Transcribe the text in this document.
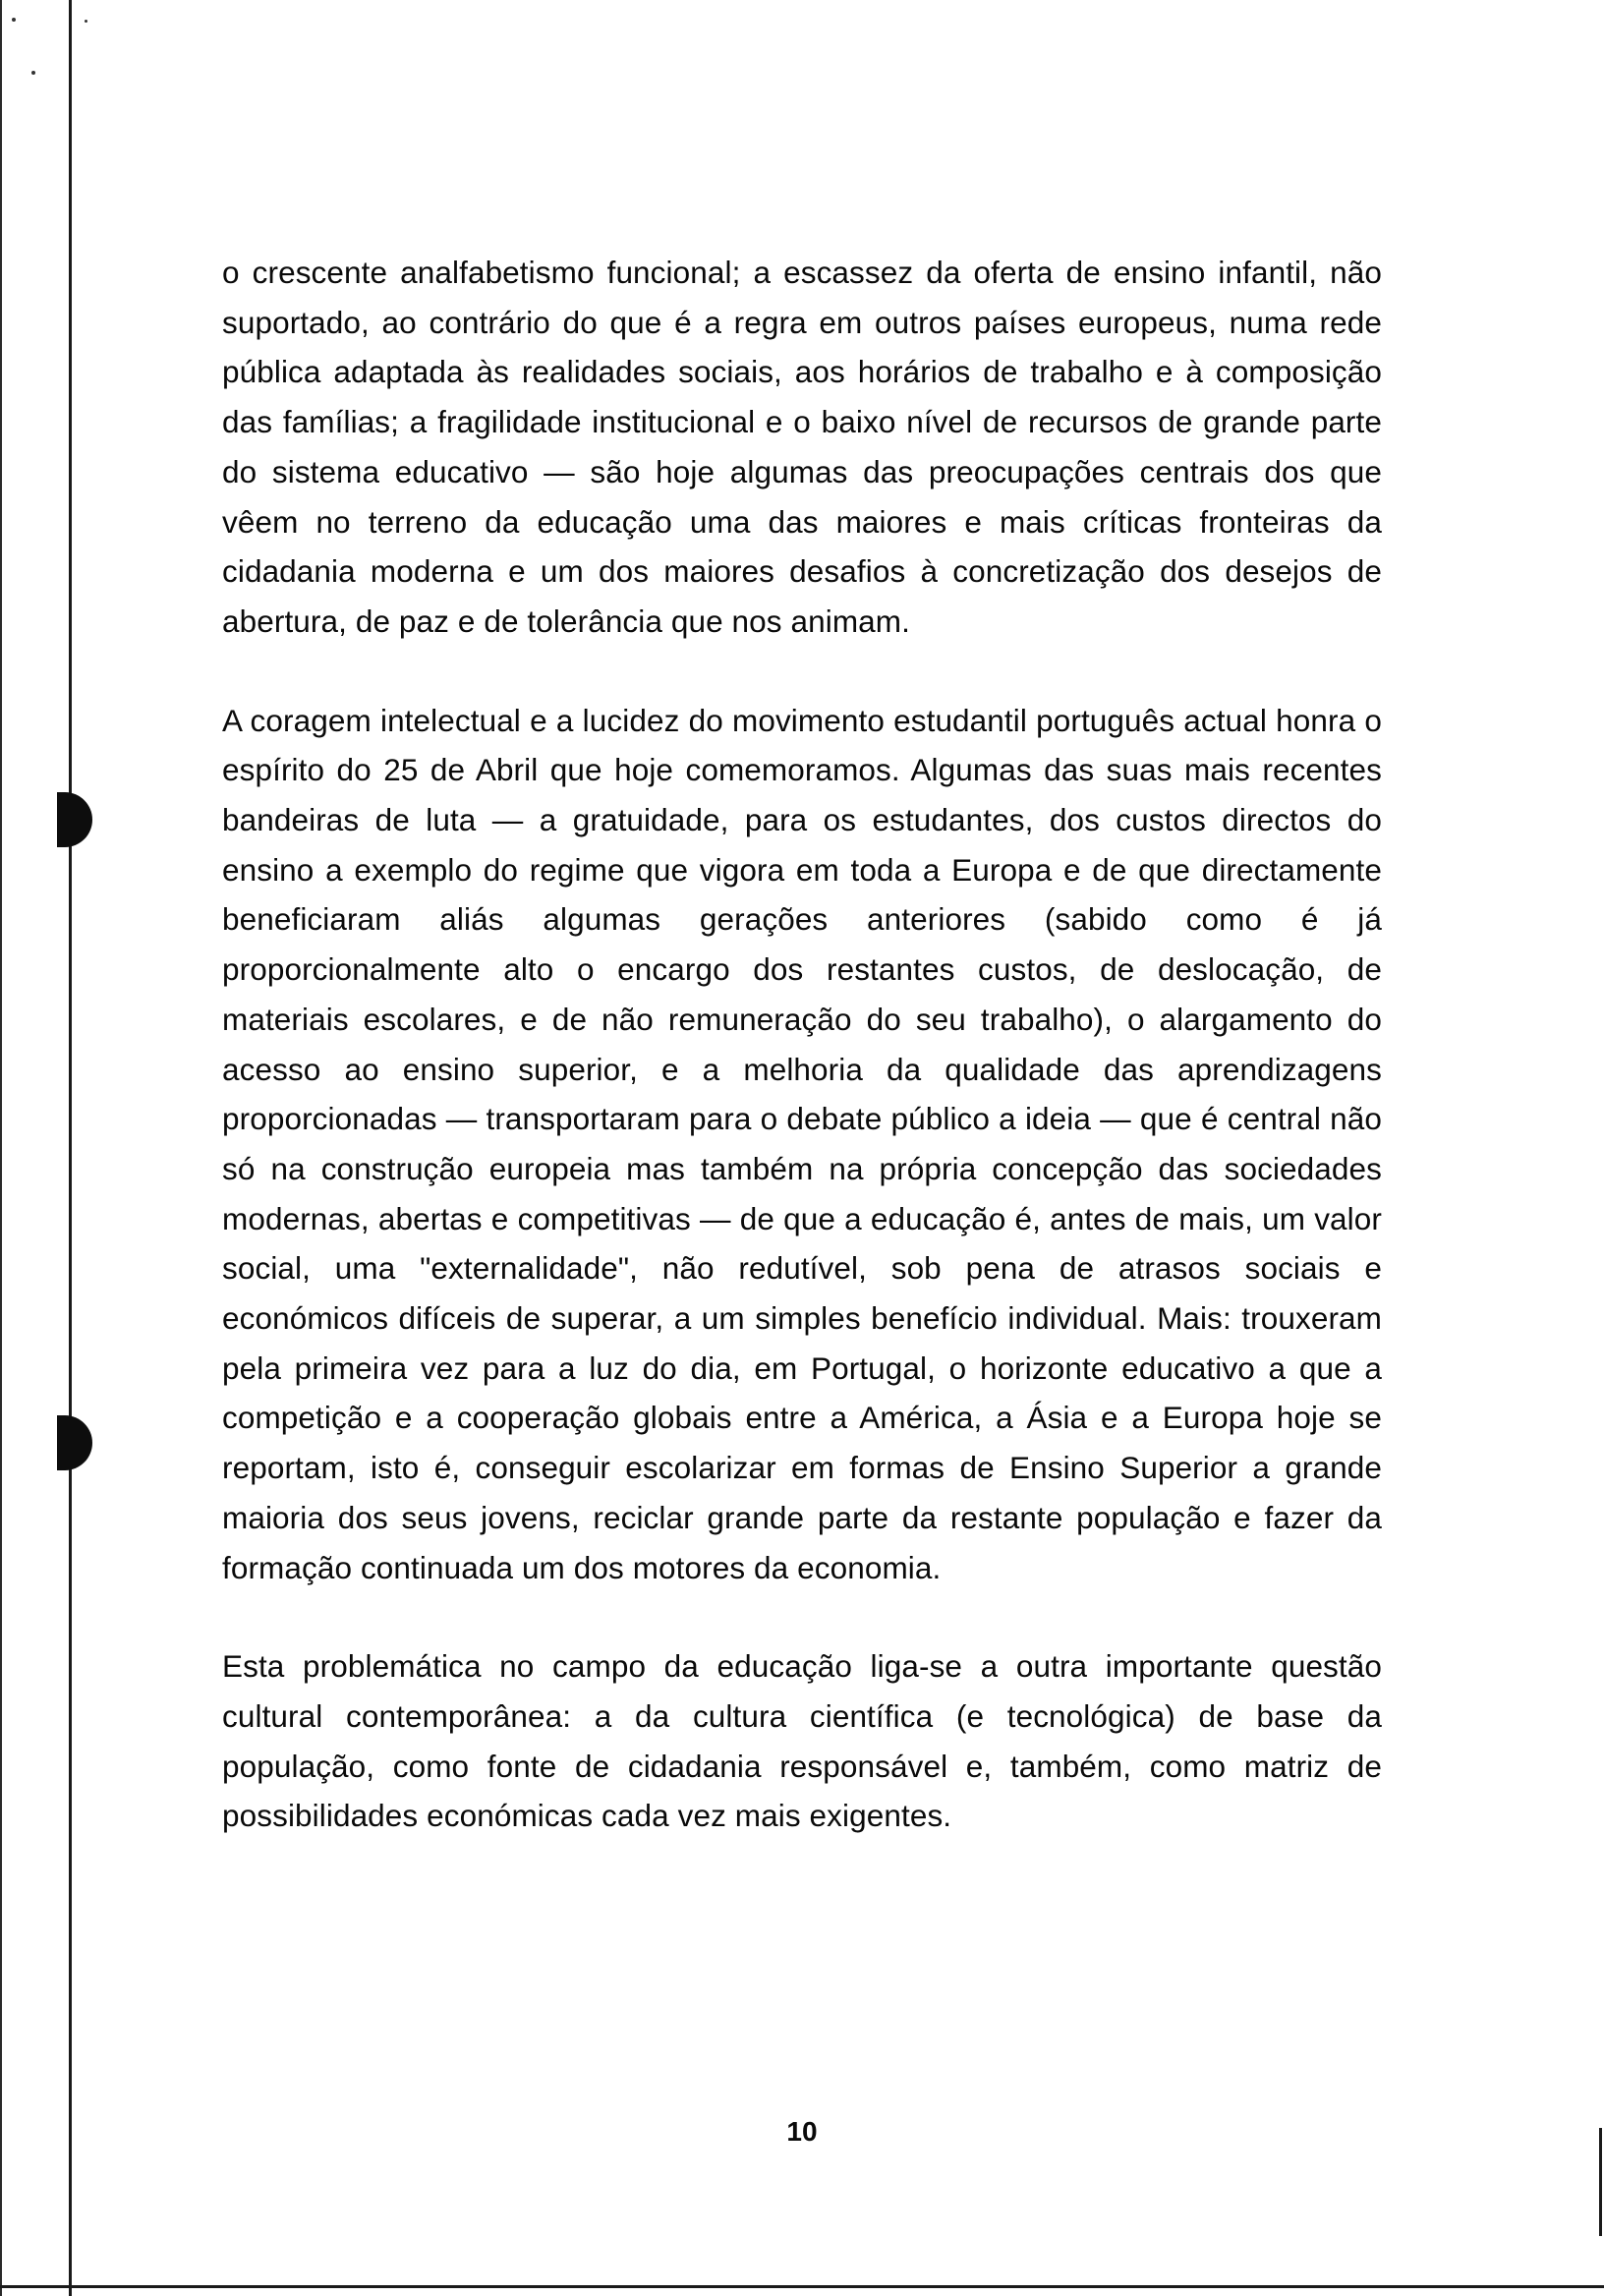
o crescente analfabetismo funcional; a escassez da oferta de ensino infantil, não suportado, ao contrário do que é a regra em outros países europeus, numa rede pública adaptada às realidades sociais, aos horários de trabalho e à composição das famílias; a fragilidade institucional e o baixo nível de recursos de grande parte do sistema educativo — são hoje algumas das preocupações centrais dos que vêem no terreno da educação uma das maiores e mais críticas fronteiras da cidadania moderna e um dos maiores desafios à concretização dos desejos de abertura, de paz e de tolerância que nos animam.

A coragem intelectual e a lucidez do movimento estudantil português actual honra o espírito do 25 de Abril que hoje comemoramos. Algumas das suas mais recentes bandeiras de luta — a gratuidade, para os estudantes, dos custos directos do ensino a exemplo do regime que vigora em toda a Europa e de que directamente beneficiaram aliás algumas gerações anteriores (sabido como é já proporcionalmente alto o encargo dos restantes custos, de deslocação, de materiais escolares, e de não remuneração do seu trabalho), o alargamento do acesso ao ensino superior, e a melhoria da qualidade das aprendizagens proporcionadas — transportaram para o debate público a ideia — que é central não só na construção europeia mas também na própria concepção das sociedades modernas, abertas e competitivas — de que a educação é, antes de mais, um valor social, uma "externalidade", não redutível, sob pena de atrasos sociais e económicos difíceis de superar, a um simples benefício individual. Mais: trouxeram pela primeira vez para a luz do dia, em Portugal, o horizonte educativo a que a competição e a cooperação globais entre a América, a Ásia e a Europa hoje se reportam, isto é, conseguir escolarizar em formas de Ensino Superior a grande maioria dos seus jovens, reciclar grande parte da restante população e fazer da formação continuada um dos motores da economia.

Esta problemática no campo da educação liga-se a outra importante questão cultural contemporânea: a da cultura científica (e tecnológica) de base da população, como fonte de cidadania responsável e, também, como matriz de possibilidades económicas cada vez mais exigentes.

10
